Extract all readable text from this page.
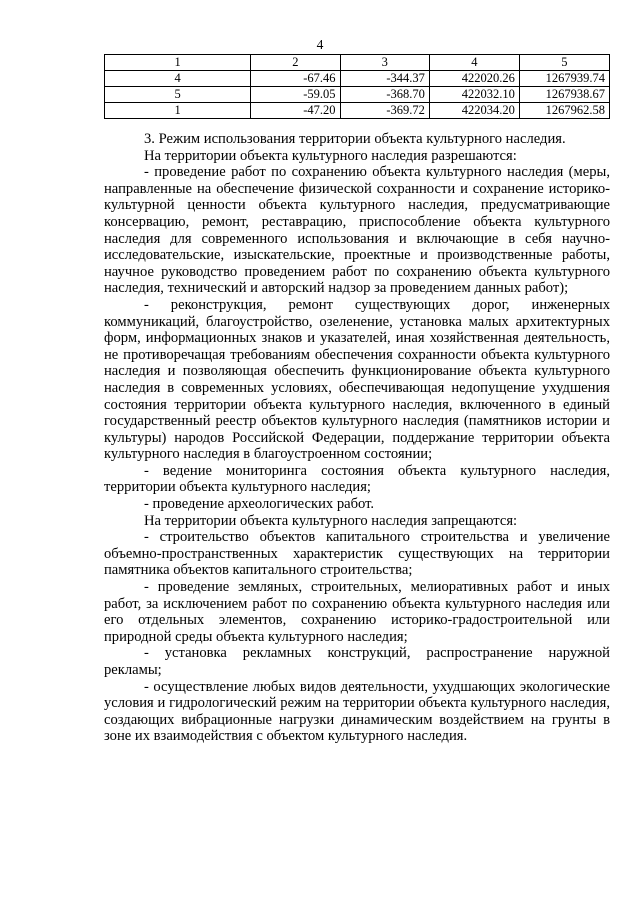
4
1	2	3	4	5
4	-67.46	-344.37	422020.26	1267939.74
5	-59.05	-368.70	422032.10	1267938.67
1	-47.20	-369.72	422034.20	1267962.58

3. Режим использования территории объекта культурного наследия.

На территории объекта культурного наследия разрешаются:

- проведение работ по сохранению объекта культурного наследия (меры, направленные на обеспечение физической сохранности и сохранение историко-культурной ценности объекта культурного наследия, предусматривающие консервацию, ремонт, реставрацию, приспособление объекта культурного наследия для современного использования и включающие в себя научно-исследовательские, изыскательские, проектные и производственные работы, научное руководство проведением работ по сохранению объекта культурного наследия, технический и авторский надзор за проведением данных работ);

- реконструкция, ремонт существующих дорог, инженерных коммуникаций, благоустройство, озеленение, установка малых архитектурных форм, информационных знаков и указателей, иная хозяйственная деятельность, не противоречащая требованиям обеспечения сохранности объекта культурного наследия и позволяющая обеспечить функционирование объекта культурного наследия в современных условиях, обеспечивающая недопущение ухудшения состояния территории объекта культурного наследия, включенного в единый государственный реестр объектов культурного наследия (памятников истории и культуры) народов Российской Федерации, поддержание территории объекта культурного наследия в благоустроенном состоянии;

- ведение мониторинга состояния объекта культурного наследия, территории объекта культурного наследия;

- проведение археологических работ.

На территории объекта культурного наследия запрещаются:

- строительство объектов капитального строительства и увеличение объемно-пространственных характеристик существующих на территории памятника объектов капитального строительства;

- проведение земляных, строительных, мелиоративных работ и иных работ, за исключением работ по сохранению объекта культурного наследия или его отдельных элементов, сохранению историко-градостроительной или природной среды объекта культурного наследия;

- установка рекламных конструкций, распространение наружной рекламы;

- осуществление любых видов деятельности, ухудшающих экологические условия и гидрологический режим на территории объекта культурного наследия, создающих вибрационные нагрузки динамическим воздействием на грунты в зоне их взаимодействия с объектом культурного наследия.
